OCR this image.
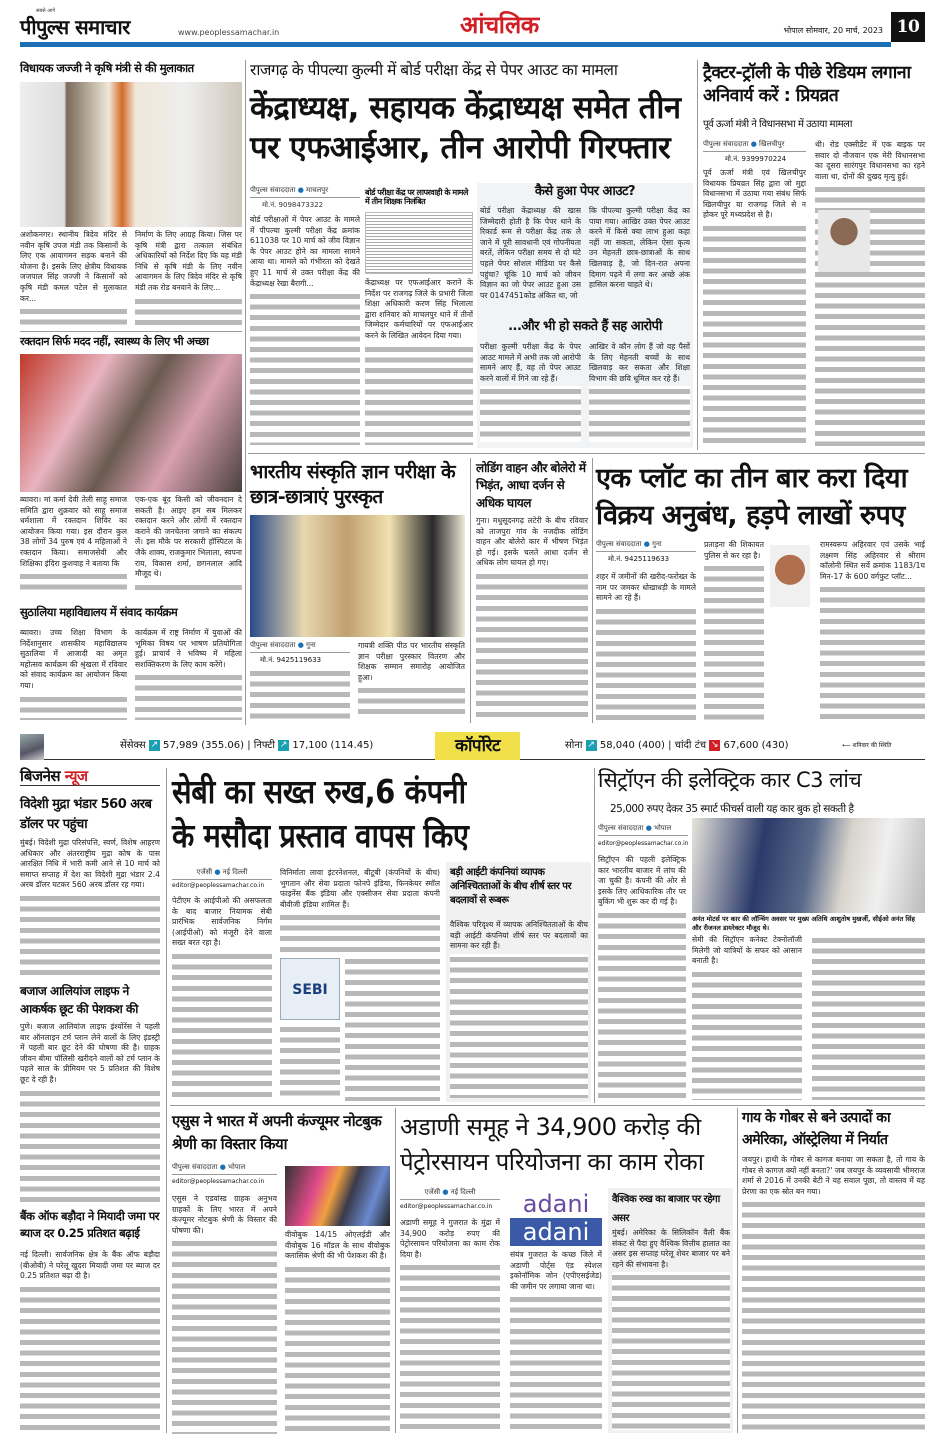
सबसे आगे
पीपुल्स समाचार	www.peoplessamachar.in	आंचलिक	भोपाल सोमवार, 20 मार्च, 2023 10
विधायक जज्जी ने कृषि मंत्री से की मुलाकात

अशोकनगर। स्थानीय त्रिदेव मंदिर से नवीन कृषि उपज मंडी तक किसानों के लिए एक आवागमन सड़क बनाने की योजना है। इसके लिए क्षेत्रीय विधायक जजपाल सिंह जज्जी ने किसानों को कृषि मंडी कमल पटेल से मुलाकात कर...

निर्माण के लिए आग्रह किया। जिस पर कृषि मंत्री द्वारा तत्काल संबंधित अधिकारियों को निर्देश दिए कि यह मंडी निधि से कृषि मंडी के लिए नवीन आवागमन के लिए त्रिदेव मंदिर से कृषि मंडी तक रोड बनवाने के लिए...

रक्तदान सिर्फ मदद नहीं, स्वास्थ्य के लिए भी अच्छा

ब्यावरा। मां कर्मा देवी तेली साहू समाज समिति द्वारा शुक्रवार को साहू समाज धर्मशाला में रक्तदान शिविर का आयोजन किया गया। इस दौरान कुल 38 लोगों 34 पुरुष एवं 4 महिलाओं ने रक्तदान किया। समाजसेवी और शिक्षिका इंदिरा कुशवाह ने बताया कि

एक-एक बूंद किसी को जीवनदान दे सकती है। आइए हम सब मिलकर रक्तदान करने और लोगों में रक्तदान कराने की जनचेतना जगाने का संकल्प लें। इस मौके पर सरकारी हॉस्पिटल के जैके शाक्य, राजकुमार भिलाला, स्वपना राय, विकास शर्मा, छगनलाल आदि मौजूद थे।

सुठालिया महाविद्यालय में संवाद कार्यक्रम

ब्यावरा। उच्च शिक्षा विभाग के निर्देशानुसार शासकीय महाविद्यालय सुठालिया में आजादी का अमृत महोत्सव कार्यक्रम की श्रृंखला में रविवार को संवाद कार्यक्रम का आयोजन किया गया।

कार्यक्रम में राष्ट्र निर्माण में युवाओं की भूमिका विषय पर भाषण प्रतियोगिता हुई। प्राचार्य ने भविष्य में महिला सशक्तिकरण के लिए काम करेंगे।

राजगढ़ के पीपल्या कुल्मी में बोर्ड परीक्षा केंद्र से पेपर आउट का मामला
केंद्राध्यक्ष, सहायक केंद्राध्यक्ष समेत तीन पर एफआईआर, तीन आरोपी गिरफ्तार
पीपुल्स संवाददाता ● माचलपुर
मो.नं. 9098473322

बोर्ड परीक्षाओं में पेपर आउट के मामले में पीपल्या कुल्मी परीक्षा केंद्र क्रमांक 611038 पर 10 मार्च को जीव विज्ञान के पेपर आउट होने का मामला सामने आया था। मामले को गंभीरता को देखते हुए 11 मार्च से उक्त परीक्षा केंद्र की केंद्राध्यक्ष रेखा बैरागी...

बोर्ड परीक्षा केंद्र पर लापरवाही के मामले में तीन शिक्षक निलंबित

केंद्राध्यक्ष पर एफआईआर कराने के निर्देश पर राजगढ़ जिले के प्रभारी जिला शिक्षा अधिकारी करण सिंह भिलाला द्वारा शनिवार को माचलपुर थाने में तीनों जिम्मेदार कर्मचारियों पर एफआईआर करने के लिखित आवेदन दिया गया।

कैसे हुआ पेपर आउट?

बोर्ड परीक्षा केंद्राध्यक्ष की खास जिम्मेदारी होती है कि पेपर थाने के रिकार्ड रूम से परीक्षा केंद्र तक ले जाने में पूरी सावधानी एवं गोपनीयता बरतें, लेकिन परीक्षा समय से दो घंटे पहले पेपर सोशल मीडिया पर कैसे पहुंचा? चूंकि 10 मार्च को जीवन विज्ञान का जो पेपर आउट हुआ उस पर 0147451कोड अंकित था, जो

कि पीपल्या कुल्मी परीक्षा केंद्र का पाया गया। आखिर उक्त पेपर आउट करने में किसे क्या लाभ हुआ कहा नहीं जा सकता, लेकिन ऐसा कृत्य उन मेहनती छात्र-छात्राओं के साथ खिलवाड़ है, जो दिन-रात अपना दिमाग पढ़ने में लगा कर अच्छे अंक हासिल करना चाहते थे।

...और भी हो सकते हैं सह आरोपी

परीक्षा कुल्मी परीक्षा केंद्र के पेपर आउट मामले में अभी तक जो आरोपी सामने आए हैं, वह तो पेपर आउट करने वालों में गिने जा रहे हैं।

आखिर वे कौन लोग हैं जो वह पैसों के लिए मेहनती बच्चों के साथ खिलवाड़ कर सकता और शिक्षा विभाग की छवि धूमिल कर रहे हैं।

ट्रैक्टर-ट्रॉली के पीछे रेडियम लगाना अनिवार्य करें : प्रियव्रत
पूर्व ऊर्जा मंत्री ने विधानसभा में उठाया मामला
पीपुल्स संवाददाता ● खिलचीपुर
मो.नं. 9399970224

पूर्व ऊर्जा मंत्री एवं खिलचीपुर विधायक प्रियव्रत सिंह द्वारा जो मुद्दा विधानसभा में उठाया गया संबंध सिर्फ खिलचीपुर या राजगढ़ जिले से न होकर पूरे मध्यप्रदेश से है।

थी। रोड एक्सीडेंट में एक बाइक पर सवार दो नौजवान एक मेरी विधानसभा का दूसरा सारंगपुर विधानसभा का रहने वाला था, दोनों की दुखद मृत्यु हुई।

भारतीय संस्कृति ज्ञान परीक्षा के छात्र-छात्राएं पुरस्कृत
पीपुल्स संवाददाता ● गुना
मो.नं. 9425119633

गायत्री शक्ति पीठ पर भारतीय संस्कृति ज्ञान परीक्षा पुरस्कार वितरण और शिक्षक सम्मान समारोह आयोजित हुआ।

लोडिंग वाहन और बोलेरो में भिड़ंत, आधा दर्जन से अधिक घायल

गुना। मधुसूदनगढ़ लटेरी के बीच रविवार को ताजपुरा गांव के नजदीक लोडिंग वाहन और बोलेरो कार में भीषण भिड़ंत हो गई। इसके चलते आधा दर्जन से अधिक लोग घायल हो गए।

एक प्लॉट का तीन बार करा दिया विक्रय अनुबंध, हड़पे लाखों रुपए
पीपुल्स संवाददाता ● गुना
मो.नं. 9425119633

शहर में जमीनों की खरीद-फरोख्त के नाम पर जमकर धोखाधड़ी के मामले सामने आ रहे हैं।

प्रताड़ना की शिकायत पुलिस से कर रहा है।

रामस्वरूप अहिरवार एवं उसके भाई लक्ष्मण सिंह अहिरवार से श्रीराम कॉलोनी स्थित सर्वे क्रमांक 1183/1घ मिन-17 के 600 वर्गफुट प्लॉट...

सेंसेक्स ↗ 57,989 (355.06) | निफ्टी ↗ 17,100 (114.45)	कॉर्पोरेट	सोना ↗ 58,040 (400) | चांदी टंच ↘ 67,600 (430)	⟵ शनिवार की स्थिति
बिजनेस न्यूज
विदेशी मुद्रा भंडार 560 अरब डॉलर पर पहुंचा

मुंबई। विदेशी मुद्रा परिसंपत्ति, स्वर्ण, विशेष आहरण अधिकार और अंतरराष्ट्रीय मुद्रा कोष के पास आरक्षित निधि में भारी कमी आने से 10 मार्च को समाप्त सप्ताह में देश का विदेशी मुद्रा भंडार 2.4 अरब डॉलर घटकर 560 अरब डॉलर रह गया।

बजाज आलियांज लाइफ ने आकर्षक छूट की पेशकश की

पुणे। बजाज आलियांज लाइफ इंश्योरेंस ने पहली बार ऑनलाइन टर्म प्लान लेने वालों के लिए इंडस्ट्री में पहली बार छूट देने की घोषणा की है। ग्राहक जीवन बीमा पॉलिसी खरीदने वालों को टर्म प्लान के पहले साल के प्रीमियम पर 5 प्रतिशत की विशेष छूट दे रही है।

बैंक ऑफ बड़ौदा ने मियादी जमा पर ब्याज दर 0.25 प्रतिशत बढ़ाई

नई दिल्ली। सार्वजनिक क्षेत्र के बैंक ऑफ बड़ौदा (बीओबी) ने घरेलू खुदरा मियादी जमा पर ब्याज दर 0.25 प्रतिशत बढ़ा दी है।

सेबी का सख्त रुख,6 कंपनी के मसौदा प्रस्ताव वापस किए
एजेंसी ● नई दिल्ली
editor@peoplessamachar.co.in

पेटीएम के आईपीओ की असफलता के बाद बाजार नियामक सेबी प्रारंभिक सार्वजनिक निर्गम (आईपीओ) को मंजूरी देने वाला सख्त बरत रहा है।

SEBI

विनिर्माता लावा इंटरनेशनल, बीटूबी (कंपनियों के बीच) भुगतान और सेवा प्रदाता फोनपे इंडिया, फिनकेयर स्मॉल फाइनेंस बैंक इंडिया और एक्सीजन सेवा प्रदाता कंपनी बीवीजी इंडिया शामिल हैं।

बड़ी आईटी कंपनियां व्यापक अनिश्चितताओं के बीच शीर्ष स्तर पर बदलावों से रूबरू

वैश्विक परिदृश्य में व्यापक अनिश्चितताओं के बीच बड़ी आईटी कंपनियां शीर्ष स्तर पर बदलावों का सामना कर रही हैं।

सिट्रॉएन की इलेक्ट्रिक कार C3 लांच
25,000 रुपए देकर 35 स्मार्ट फीचर्स वाली यह कार बुक हो सकती है
पीपुल्स संवाददाता ● भोपाल
editor@peoplessamachar.co.in

सिट्रॉएन की पहली इलेक्ट्रिक कार भारतीय बाजार में लांच की जा चुकी है। कंपनी की ओर से इसके लिए आधिकारिक तौर पर बुकिंग भी शुरू कर दी गई है।

अनंत मोटर्स पर कार की लॉन्चिंग अवसर पर मुख्य अतिथि आशुतोष मुखर्जी, सीईओ अनंत सिंह और रीजनल डायरेक्टर मौजूद थे।

सेमी की सिट्रॉएन कनेक्ट टेक्नोलॉजी मिलेगी जो यात्रियों के सफर को आसान बनाती है।

एसुस ने भारत में अपनी कंज्यूमर नोटबुक श्रेणी का विस्तार किया
पीपुल्स संवाददाता ● भोपाल
editor@peoplessamachar.co.in

एसुस ने एडवांस्ड ग्राहक अनुभव ग्राहकों के लिए भारत में अपने कंज्यूमर नोटबुक श्रेणी के विस्तार की घोषणा की।	वीवोबुक 14/15 ओएलईडी और वीवोबुक 16 मॉडल के साथ वीवोबुक क्लासिक श्रेणी की भी पेशकश की है।

अडाणी समूह ने 34,900 करोड़ की पेट्रोरसायन परियोजना का काम रोका
एजेंसी ● नई दिल्ली
editor@peoplessamachar.co.in

अडाणी समूह ने गुजरात के मुंद्रा में 34,900 करोड़ रुपए की पेट्रोरसायन परियोजना का काम रोक दिया है।

adani
adani

संयंत्र गुजरात के कच्छ जिले में अडाणी पोर्ट्स एंड स्पेशल इकोनॉमिक जोन (एपीएसईजेड) की जमीन पर लगाया जाना था।

वैश्विक रुख का बाजार पर रहेगा असर

मुंबई। अमेरिका के सिलिकॉन वैली बैंक संकट से पैदा हुए वैश्विक वित्तीय हालात का असर इस सप्ताह घरेलू शेयर बाजार पर बने रहने की संभावना है।

गाय के गोबर से बने उत्पादों का अमेरिका, ऑस्ट्रेलिया में निर्यात

जयपुर। हाथी के गोबर से कागज बनाया जा सकता है, तो गाय के गोबर से कागज क्यों नहीं बनता?' जब जयपुर के व्यवसायी भीमराज शर्मा से 2016 में उनकी बेटी ने यह सवाल पूछा, तो वास्तव में यह प्रेरणा का एक स्रोत बन गया।
